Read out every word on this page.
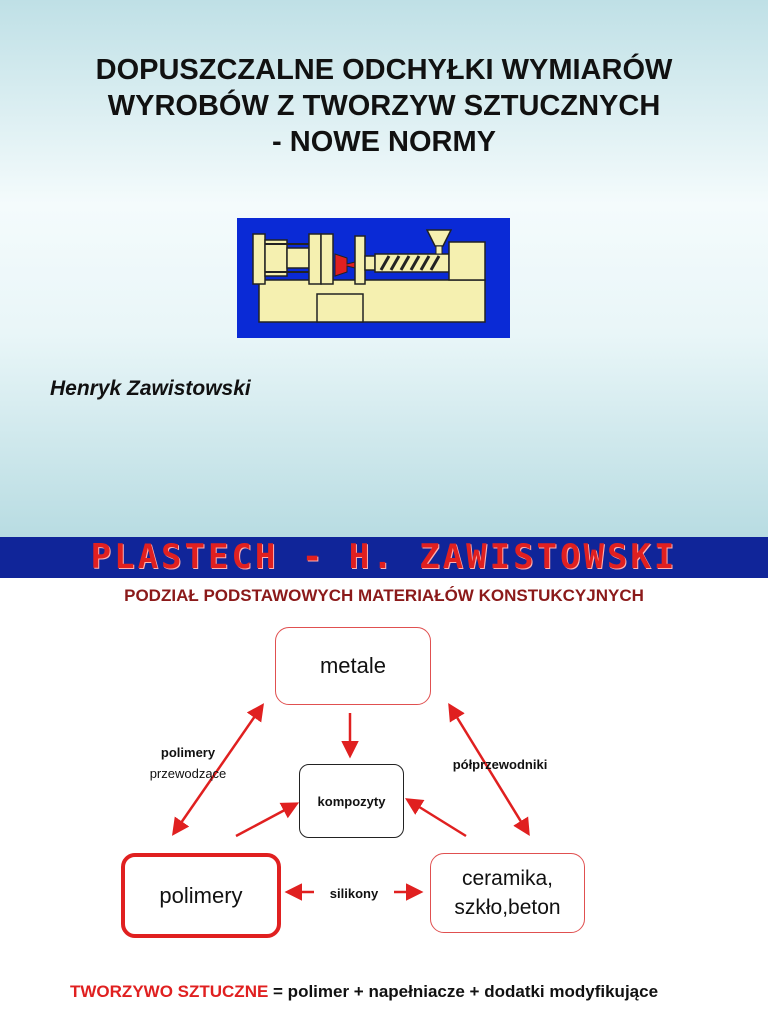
DOPUSZCZALNE ODCHYŁKI WYMIARÓW
WYROBÓW Z TWORZYW SZTUCZNYCH
- NOWE NORMY
Henryk Zawistowski
PLASTECH - H. ZAWISTOWSKI
PODZIAŁ PODSTAWOWYCH MATERIAŁÓW KONSTUKCYJNYCH
metale
kompozyty
polimery
ceramika,
szkło,beton
polimery
przewodzące
półprzewodniki
silikony
TWORZYWO SZTUCZNE = polimer + napełniacze + dodatki modyfikujące
